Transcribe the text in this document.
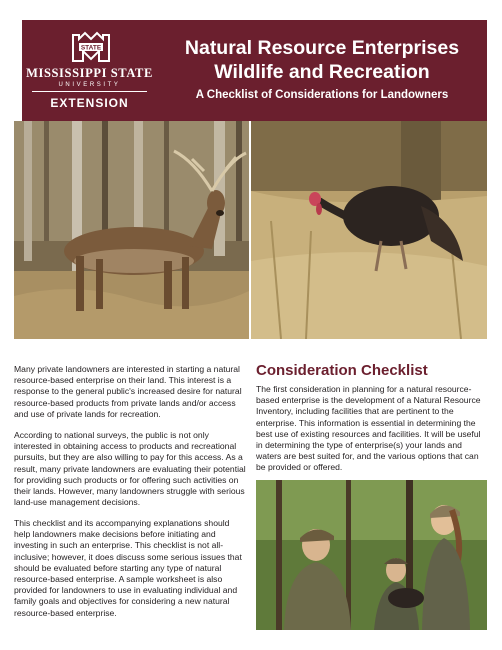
STATE
MISSISSIPPI STATE
UNIVERSITY
EXTENSION
Natural Resource Enterprises
Wildlife and Recreation
A Checklist of Considerations for Landowners

Many private landowners are interested in starting a natural resource-based enterprise on their land. This interest is a response to the general public's increased desire for natural resource-based products from private lands and/or access and use of private lands for recreation.

According to national surveys, the public is not only interested in obtaining access to products and recreational pursuits, but they are also willing to pay for this access. As a result, many private landowners are evaluating their potential for providing such products or for offering such activities on their lands. However, many landowners struggle with serious land-use management decisions.

This checklist and its accompanying explanations should help landowners make decisions before initiating and investing in such an enterprise. This checklist is not all-inclusive; however, it does discuss some serious issues that should be evaluated before starting any type of natural resource-based enterprise. A sample worksheet is also provided for landowners to use in evaluating individual and family goals and objectives for considering a new natural resource-based enterprise.

Consideration Checklist

The first consideration in planning for a natural resource-based enterprise is the development of a Natural Resource Inventory, including facilities that are pertinent to the enterprise. This information is essential in determining the best use of existing resources and facilities. It will be useful in determining the type of enterprise(s) your lands and waters are best suited for, and the various options that can be provided or offered.
